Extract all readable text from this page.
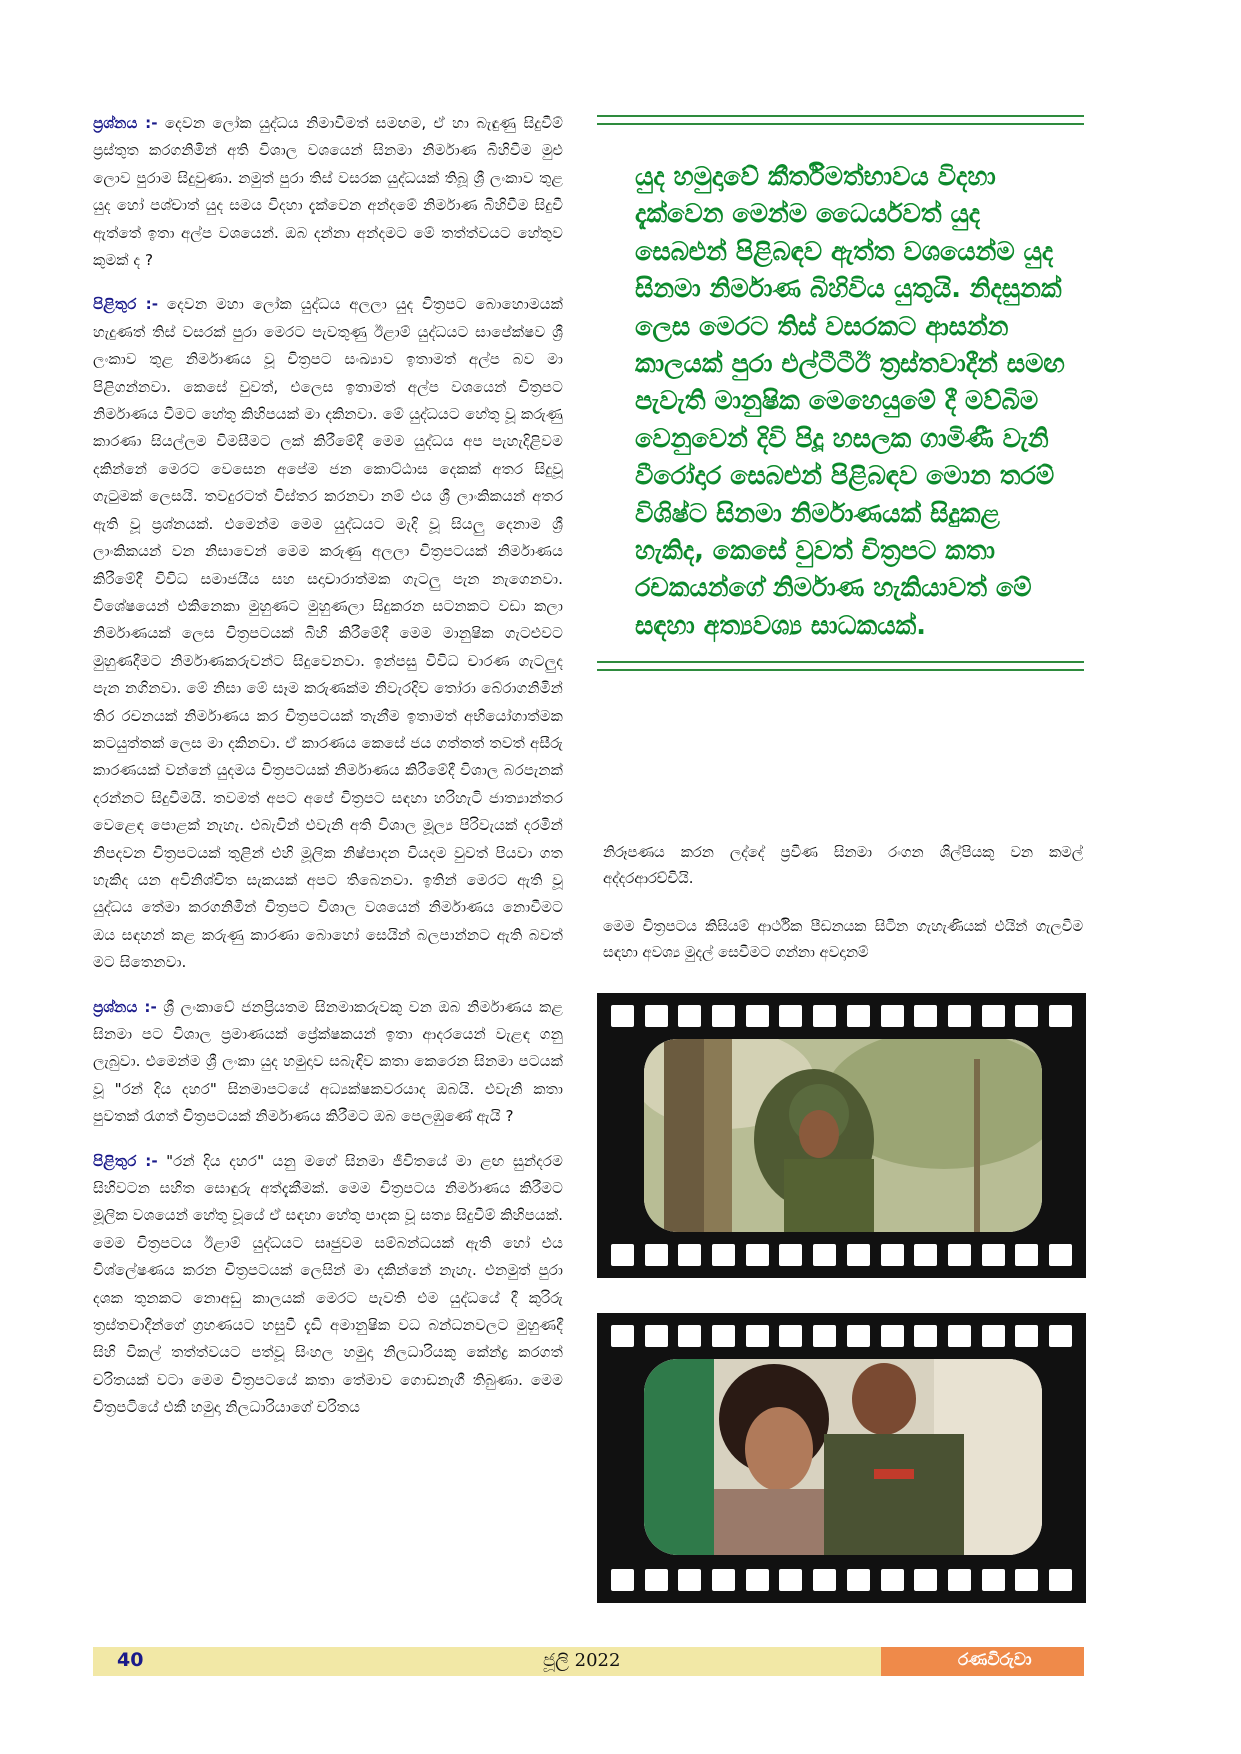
ප්‍රශ්නය :- දෙවන ලෝක යුද්ධය නිමාවීමත් සමඟම, ඒ හා බැඳුණු සිදුවීම් ප්‍රස්තුත කරගනිමින් අති විශාල වශයෙන් සිනමා නිර්මාණ බිහිවීම මුළු ලොව පුරාම සිදුවුණා. නමුත් පුරා තිස් වසරක යුද්ධයක් තිබූ ශ්‍රී ලංකාව තුළ යුද හෝ පශ්චාත් යුද සමය විදහා දැක්වෙන අන්දමේ නිර්මාණ බිහිවීම සිදුවී ඇත්තේ ඉතා අල්ප වශයෙන්. ඔබ දන්නා අන්දමට මේ තත්ත්වයට හේතුව කුමක් ද ?

පිළිතුර :- දෙවන මහා ලෝක යුද්ධය අලලා යුද චිත්‍රපට බොහොමයක් හැදුණත් තිස් වසරක් පුරා මෙරට පැවතුණු ඊළාම් යුද්ධයට සාපේක්ෂව ශ්‍රී ලංකාව තුළ නිර්මාණය වූ චිත්‍රපට සංඛ්‍යාව ඉතාමත් අල්ප බව මා පිළිගන්නවා. කෙසේ වුවත්, එලෙස ඉතාමත් අල්ප වශයෙන් චිත්‍රපට නිර්මාණය වීමට හේතු කිහිපයක් මා දකිනවා. මේ යුද්ධයට හේතු වූ කරුණු කාරණා සියල්ලම විමසීමට ලක් කිරීමේදී මෙම යුද්ධය අප පැහැදිළිවම දකින්නේ මෙරට වෙසෙන අපේම ජන කොට්ඨාස දෙකක් අතර සිදුවූ ගැටුමක් ලෙසයි. තවදුරටත් විස්තර කරනවා නම් එය ශ්‍රී ලාංකිකයන් අතර ඇති වූ ප්‍රශ්නයක්. එමෙන්ම මෙම යුද්ධයට මැදි වූ සියලු දෙනාම ශ්‍රී ලාංකිකයන් වන නිසාවෙන් මෙම කරුණු අලලා චිත්‍රපටයක් නිර්මාණය කිරීමේදී විවිධ සමාජයීය සහ සදාචාරාත්මක ගැටලු පැන නැගෙනවා. විශේෂයෙන් එකිනෙකා මුහුණට මුහුණලා සිදුකරන සටනකට වඩා කලා නිර්මාණයක් ලෙස චිත්‍රපටයක් බිහි කිරීමේදී මෙම මානුෂික ගැටළුවට මුහුණදීමට නිර්මාණකරුවන්ට සිදුවෙනවා. ඉන්පසු විවිධ චාරණ ගැටලුද පැන නගිනවා. මේ නිසා මේ සෑම කරුණක්ම නිවැරදිව තෝරා බේරාගනිමින් තිර රචනයක් නිර්මාණය කර චිත්‍රපටයක් තැනීම ඉතාමත් අභියෝගාත්මක කටයුත්තක් ලෙස මා දකිනවා. ඒ කාරණය කෙසේ ජය ගත්තත් තවත් අසීරු කාරණයක් වන්නේ යුදමය චිත්‍රපටයක් නිර්මාණය කිරීමේදී විශාල බරපැනක් දරන්නට සිදුවීමයි. තවමත් අපට අපේ චිත්‍රපට සඳහා හරිහැටි ජාත්‍යාන්තර වෙළෙඳ පොළක් නැහැ. එබැවින් එවැනි අති විශාල මූල්‍ය පිරිවැයක් දරමින් නිපදවන චිත්‍රපටයක් තුළින් එහි මූලික නිෂ්පාදන වියදම වුවත් පියවා ගත හැකිද යන අවිනිශ්චිත සැකයක් අපට තිබෙනවා. ඉතින් මෙරට ඇති වූ යුද්ධය තේමා කරගනිමින් චිත්‍රපට විශාල වශයෙන් නිර්මාණය නොවීමට ඔය සඳහන් කළ කරුණු කාරණා බොහෝ සෙයින් බලපාන්නට ඇති බවත් මට සිතෙනවා.

ප්‍රශ්නය :- ශ්‍රී ලංකාවේ ජනප්‍රියතම සිනමාකරුවකු වන ඔබ නිර්මාණය කළ සිනමා පට විශාල ප්‍රමාණයක් ප්‍රේක්ෂකයන් ඉතා ආදරයෙන් වැළඳ ගනු ලැබුවා. එමෙන්ම ශ්‍රී ලංකා යුද හමුදාව සබැඳිව කතා කෙරෙන සිනමා පටයක් වූ "රන් දිය දහර" සිනමාපටයේ අධ්‍යක්ෂකවරයාද ඔබයි. එවැනි කතා පුවතක් රැගත් චිත්‍රපටයක් නිර්මාණය කිරීමට ඔබ පෙලඹුණේ ඇයි ?

පිළිතුර :- "රන් දිය දහර" යනු මගේ සිනමා ජීවිතයේ මා ළඟ සුන්දරම සිහිවටන සහිත සොඳුරු අත්දැකීමක්. මෙම චිත්‍රපටය නිර්මාණය කිරීමට මූලික වශයෙන් හේතු වූයේ ඒ සඳහා හේතු පාදක වූ සත්‍ය සිදුවීම් කිහිපයක්. මෙම චිත්‍රපටය ඊළාම් යුද්ධයට සෘජුවම සම්බන්ධයක් ඇති හෝ එය විශ්ලේෂණය කරන චිත්‍රපටයක් ලෙසින් මා දකින්නේ නැහැ. එනමුත් පුරා දශක තුනකට නොඅඩු කාලයක් මෙරට පැවති එම යුද්ධයේ දී කුරිරු ත්‍රස්තවාදීන්ගේ ග්‍රහණයට හසුවී දැඩි අමානුෂික වධ බන්ධනවලට මුහුණදී සිහි විකල් තත්ත්වයට පත්වූ සිංහල හමුදා නිලධාරියකු කේන්ද්‍ර කරගත් චරිතයක් වටා මෙම චිත්‍රපටයේ කතා තේමාව ගොඩනැගී තිබුණා. මෙම චිත්‍රපටියේ එකී හමුදා නිලධාරියාගේ චරිතය

යුද හමුදාවේ කීර්තිමත්භාවය විදහා දැක්වෙන මෙන්ම ධෛර්යවත් යුද සෙබළුන් පිළිබඳව ඇත්ත වශයෙන්ම යුද සිනමා නිර්මාණ බිහිවිය යුතුයි. නිදසුනක් ලෙස මෙරට තිස් වසරකට ආසන්න කාලයක් පුරා එල්ටීටීඊ ත්‍රස්තවාදීන් සමඟ පැවැති මානුෂික මෙහෙයුමේ දී මව්බිම වෙනුවෙන් දිවි පිදූ හසලක ගාමිණී වැනි වීරෝදාර සෙබළුන් පිළිබඳව මොන තරම් විශිෂ්ට සිනමා නිර්මාණයක් සිදුකළ හැකිද, කෙසේ වුවත් චිත්‍රපට කතා රචකයන්ගේ නිර්මාණ හැකියාවත් මේ සඳහා අත්‍යවශ්‍ය සාධකයක්.

නිරූපණය කරන ලද්දේ ප්‍රවීණ සිනමා රංගන ශිල්පියකු වන කමල් අද්දරආරච්චියි.

මෙම චිත්‍රපටය කිසියම් ආර්ථික පීඩනයක සිටින ගැහැණියක් එයින් ගැලවීම සඳහා අවශ්‍ය මුදල් සෙවීමට ගන්නා අවදානම්

40	ජූලි 2022	රණවිරුවා
